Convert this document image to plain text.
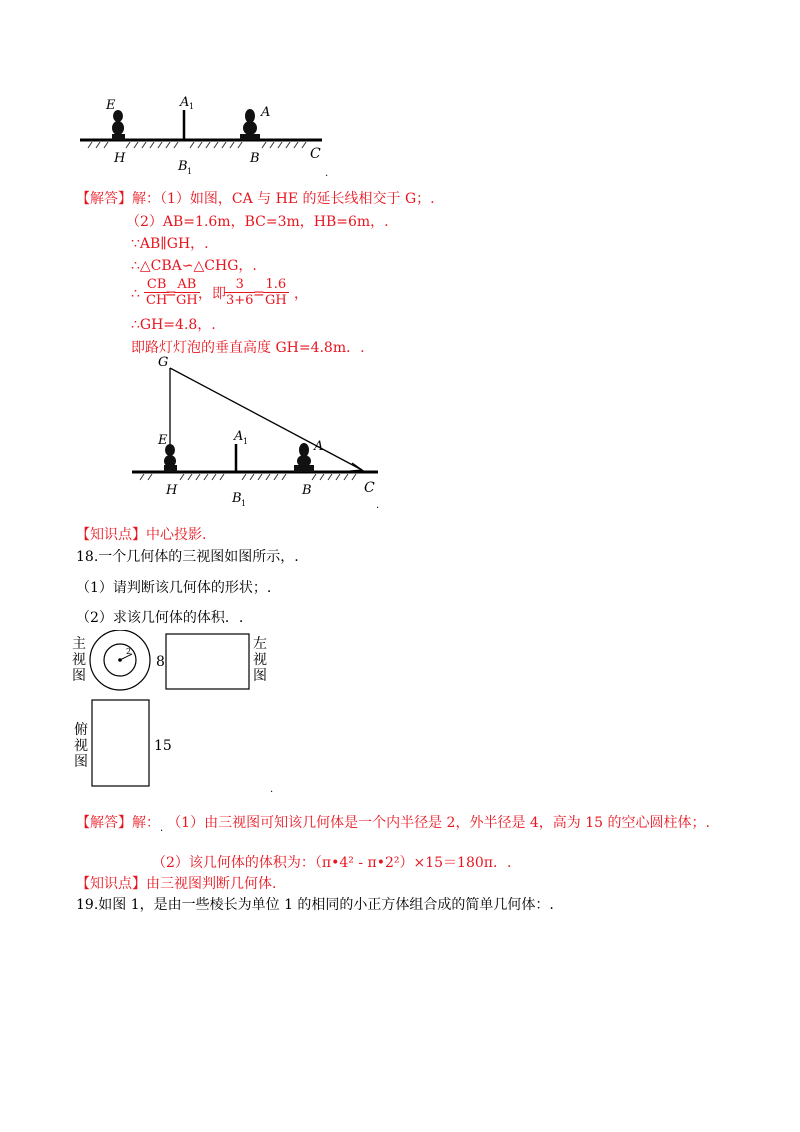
E	A 1	A
H
B 1
B	C
.
【解答】解：（1）如图，CA 与 HE 的延长线相交于 G；.
（2）AB=1.6m，BC=3m，HB=6m，.
∵AB∥GH，.
∴△CBA∽△CHG，.
∴ $\frac{CB}{CH}$
=
$\frac{AB}{GH}$
，即
$\frac{3}{3+6}$
=
$\frac{1.6}{GH}$ ，
∴GH=4.8，.
即路灯灯泡的垂直高度 GH=4.8m．.
G
E	A 1	A
H
B 1
B	C
.
【知识点】中心投影.
18.一个几何体的三视图如图所示，.
（1）请判断该几何体的形状；.
（2）求该几何体的体积．.
主
视
图
2
8
左
视
图
俯
视
图
15
.
【解答】解：$_.$ （1）由三视图可知该几何体是一个内半径是 2，外半径是 4，高为 15 的空心圆柱体；.
（2）该几何体的体积为：（π•4² - π•2²）×15＝180π．.
【知识点】由三视图判断几何体.
19.如图 1，是由一些棱长为单位 1 的相同的小正方体组合成的简单几何体：.
